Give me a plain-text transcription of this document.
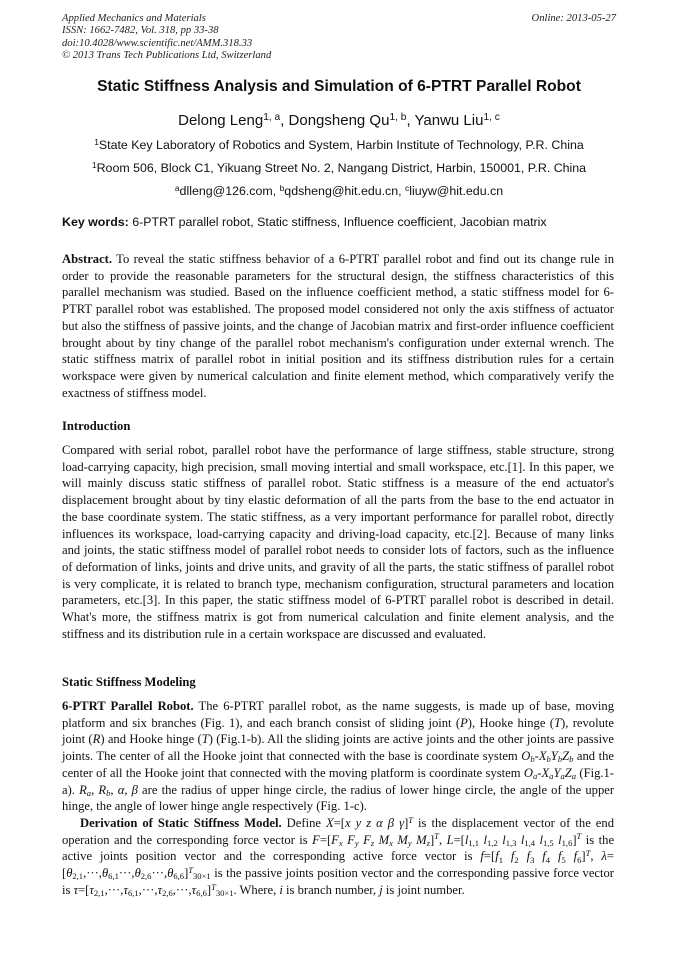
Applied Mechanics and Materials
ISSN: 1662-7482, Vol. 318, pp 33-38
doi:10.4028/www.scientific.net/AMM.318.33
© 2013 Trans Tech Publications Ltd, Switzerland
Online: 2013-05-27
Static Stiffness Analysis and Simulation of 6-PTRT Parallel Robot
Delong Leng$^{1, a}$, Dongsheng Qu$^{1, b}$, Yanwu Liu$^{1, c}$
$^1$State Key Laboratory of Robotics and System, Harbin Institute of Technology, P.R. China
$^1$Room 506, Block C1, Yikuang Street No. 2, Nangang District, Harbin, 150001, P.R. China
$^a$dlleng@126.com, $^b$qdsheng@hit.edu.cn, $^c$liuyw@hit.edu.cn
Key words: 6-PTRT parallel robot, Static stiffness, Influence coefficient, Jacobian matrix
Abstract. To reveal the static stiffness behavior of a 6-PTRT parallel robot and find out its change rule in order to provide the reasonable parameters for the structural design, the stiffness characteristics of this parallel mechanism was studied. Based on the influence coefficient method, a static stiffness model for 6-PTRT parallel robot was established. The proposed model considered not only the axis stiffness of actuator but also the stiffness of passive joints, and the change of Jacobian matrix and first-order influence coefficient brought about by tiny change of the parallel robot mechanism's configuration under external wrench. The static stiffness matrix of parallel robot in initial position and its stiffness distribution rules for a certain workspace were given by numerical calculation and finite element method, which comparatively verify the exactness of stiffness model.
Introduction
Compared with serial robot, parallel robot have the performance of large stiffness, stable structure, strong load-carrying capacity, high precision, small moving intertial and small workspace, etc.[1]. In this paper, we will mainly discuss static stiffness of parallel robot. Static stiffness is a measure of the end actuator's displacement brought about by tiny elastic deformation of all the parts from the base to the end actuator in the base coordinate system. The static stiffness, as a very important performance for parallel robot, directly influences its workspace, load-carrying capacity and driving-load capacity, etc.[2]. Because of many links and joints, the static stiffness model of parallel robot needs to consider lots of factors, such as the influence of deformation of links, joints and drive units, and gravity of all the parts, the static stiffness of parallel robot is very complicate, it is related to branch type, mechanism configuration, structural parameters and location parameters, etc.[3]. In this paper, the static stiffness model of 6-PTRT parallel robot is described in detail. What's more, the stiffness matrix is got from numerical calculation and finite element analysis, and the stiffness and its distribution rule in a certain workspace are discussed and evaluated.
Static Stiffness Modeling
6-PTRT Parallel Robot. The 6-PTRT parallel robot, as the name suggests, is made up of base, moving platform and six branches (Fig. 1), and each branch consist of sliding joint (P), Hooke hinge (T), revolute joint (R) and Hooke hinge (T) (Fig.1-b). All the sliding joints are active joints and the other joints are passive joints. The center of all the Hooke joint that connected with the base is coordinate system $O_b-X_bY_bZ_b$ and the center of all the Hooke joint that connected with the moving platform is coordinate system $O_a-X_aY_aZ_a$ (Fig.1-a). $R_a$, $R_b$, α, β are the radius of upper hinge circle, the radius of lower hinge circle, the angle of the upper hinge, the angle of lower hinge angle respectively (Fig. 1-c).
Derivation of Static Stiffness Model. Define X=[x y z α β γ]$^T$ is the displacement vector of the end operation and the corresponding force vector is $F=[F_x$ $F_y$ $F_z$ $M_x$ $M_y$ $M_z]^T$, $L=[l_{1,1}$ $l_{1,2}$ $l_{1,3}$ $l_{1,4}$ $l_{1,5}$ $l_{1,6}]^T$ is the active joints position vector and the corresponding active force vector is $f=[f_1$ $f_2$ $f_3$ $f_4$ $f_5$ $f_6]^T$, $\lambda=[\theta_{2,1},\cdot\cdot\cdot,\theta_{6,1}\cdot\cdot\cdot,\theta_{2,6}\cdot\cdot\cdot,\theta_{6,6}]^T_{30\times 1}$ is the passive joints position vector and the corresponding passive force vector is $\tau=[\tau_{2,1},\cdot\cdot\cdot,\tau_{6,1},\cdot\cdot\cdot,\tau_{2,6},\cdot\cdot\cdot,\tau_{6,6}]^T_{30\times 1}$. Where, i is branch number, j is joint number.
